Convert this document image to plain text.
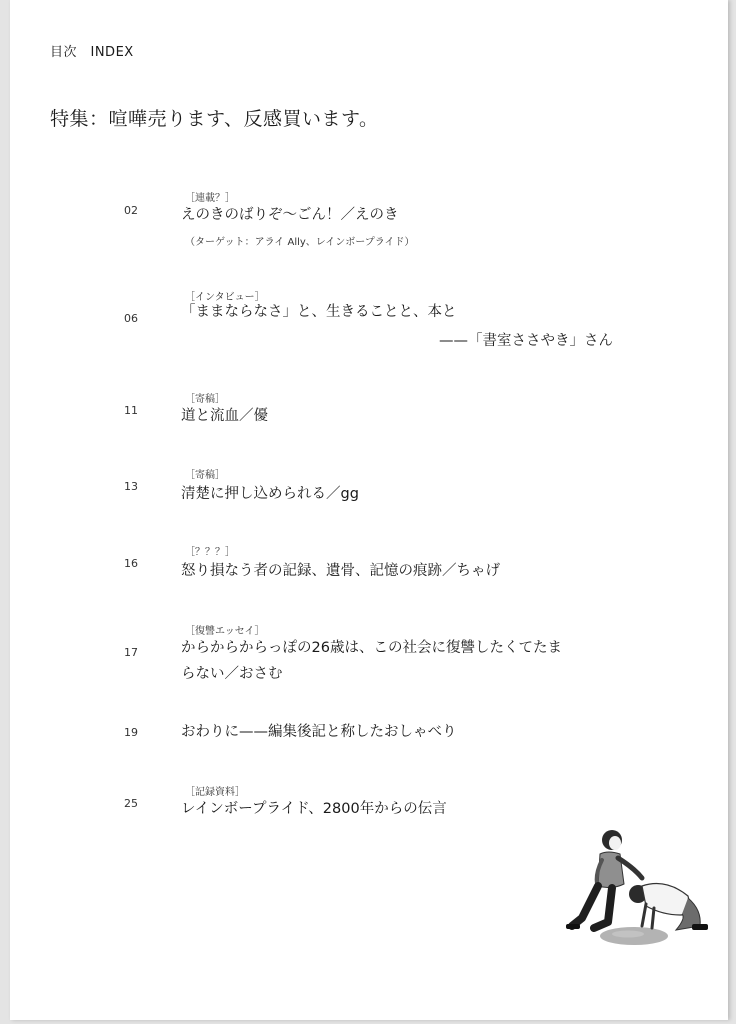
目次　INDEX
特集：喧嘩売ります、反感買います。
02
［連載？］
えのきのばりぞ〜ごん！／えのき
（ターゲット：アライ Ally、レインボープライド）
06
［インタビュー］
「ままならなさ」と、生きることと、本と
——「書室ささやき」さん
11
［寄稿］
道と流血／優
13
［寄稿］
清楚に押し込められる／gg
16
［？？？］
怒り損なう者の記録、遺骨、記憶の痕跡／ちゃげ
17
［復讐エッセイ］
からからからっぽの26歳は、この社会に復讐したくてたま
らない／おさむ
19	おわりに——編集後記と称したおしゃべり
25
［記録資料］
レインボープライド、2800年からの伝言
